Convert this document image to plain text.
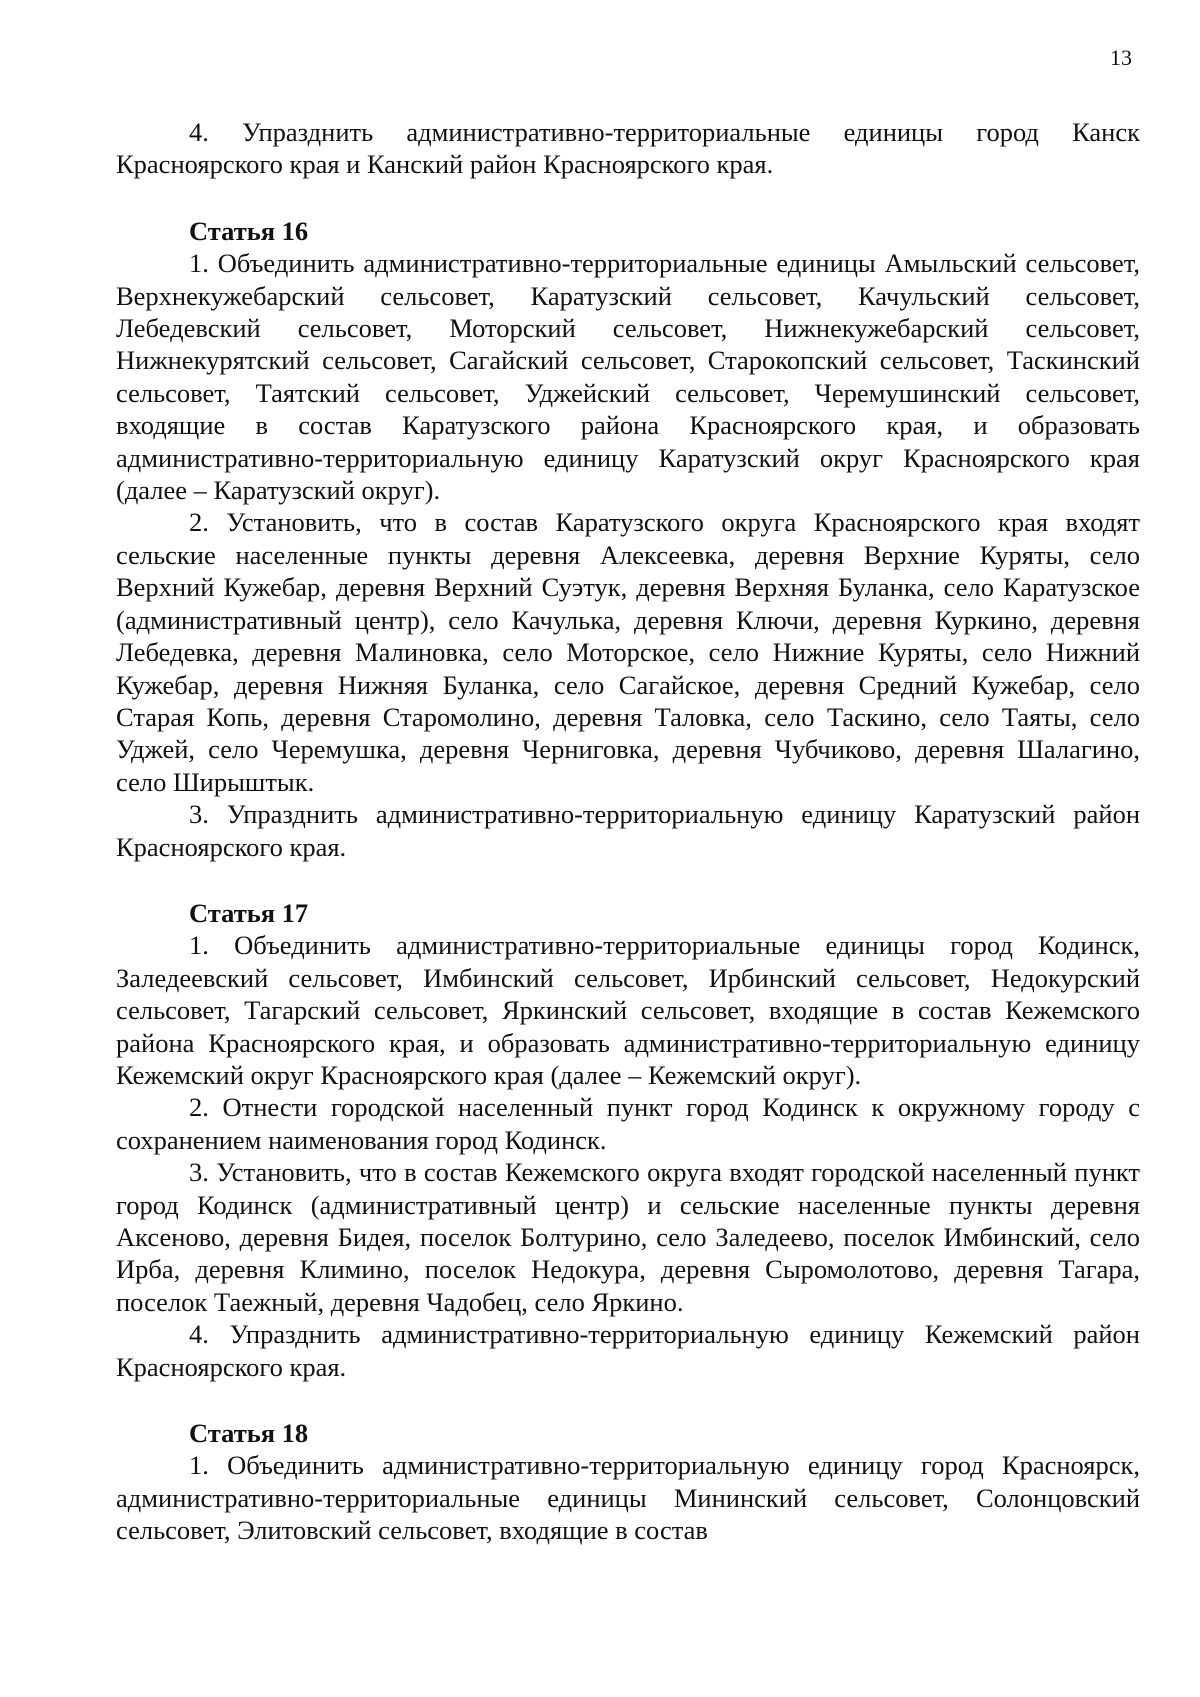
13

4. Упразднить административно-территориальные единицы город Канск Красноярского края и Канский район Красноярского края.

Статья 16

1. Объединить административно-территориальные единицы Амыльский сельсовет, Верхнекужебарский сельсовет, Каратузский сельсовет, Качульский сельсовет, Лебедевский сельсовет, Моторский сельсовет, Нижнекужебарский сельсовет, Нижнекурятский сельсовет, Сагайский сельсовет, Старокопский сельсовет, Таскинский сельсовет, Таятский сельсовет, Уджейский сельсовет, Черемушинский сельсовет, входящие в состав Каратузского района Красноярского края, и образовать административно-территориальную единицу Каратузский округ Красноярского края (далее – Каратузский округ).

2. Установить, что в состав Каратузского округа Красноярского края входят сельские населенные пункты деревня Алексеевка, деревня Верхние Куряты, село Верхний Кужебар, деревня Верхний Суэтук, деревня Верхняя Буланка, село Каратузское (административный центр), село Качулька, деревня Ключи, деревня Куркино, деревня Лебедевка, деревня Малиновка, село Моторское, село Нижние Куряты, село Нижний Кужебар, деревня Нижняя Буланка, село Сагайское, деревня Средний Кужебар, село Старая Копь, деревня Старомолино, деревня Таловка, село Таскино, село Таяты, село Уджей, село Черемушка, деревня Черниговка, деревня Чубчиково, деревня Шалагино, село Ширыштык.

3. Упразднить административно-территориальную единицу Каратузский район Красноярского края.

Статья 17

1. Объединить административно-территориальные единицы город Кодинск, Заледеевский сельсовет, Имбинский сельсовет, Ирбинский сельсовет, Недокурский сельсовет, Тагарский сельсовет, Яркинский сельсовет, входящие в состав Кежемского района Красноярского края, и образовать административно-территориальную единицу Кежемский округ Красноярского края (далее – Кежемский округ).

2. Отнести городской населенный пункт город Кодинск к окружному городу с сохранением наименования город Кодинск.

3. Установить, что в состав Кежемского округа входят городской населенный пункт город Кодинск (административный центр) и сельские населенные пункты деревня Аксеново, деревня Бидея, поселок Болтурино, село Заледеево, поселок Имбинский, село Ирба, деревня Климино, поселок Недокура, деревня Сыромолотово, деревня Тагара, поселок Таежный, деревня Чадобец, село Яркино.

4. Упразднить административно-территориальную единицу Кежемский район Красноярского края.

Статья 18

1. Объединить административно-территориальную единицу город Красноярск, административно-территориальные единицы Мининский сельсовет, Солонцовский сельсовет, Элитовский сельсовет, входящие в состав
